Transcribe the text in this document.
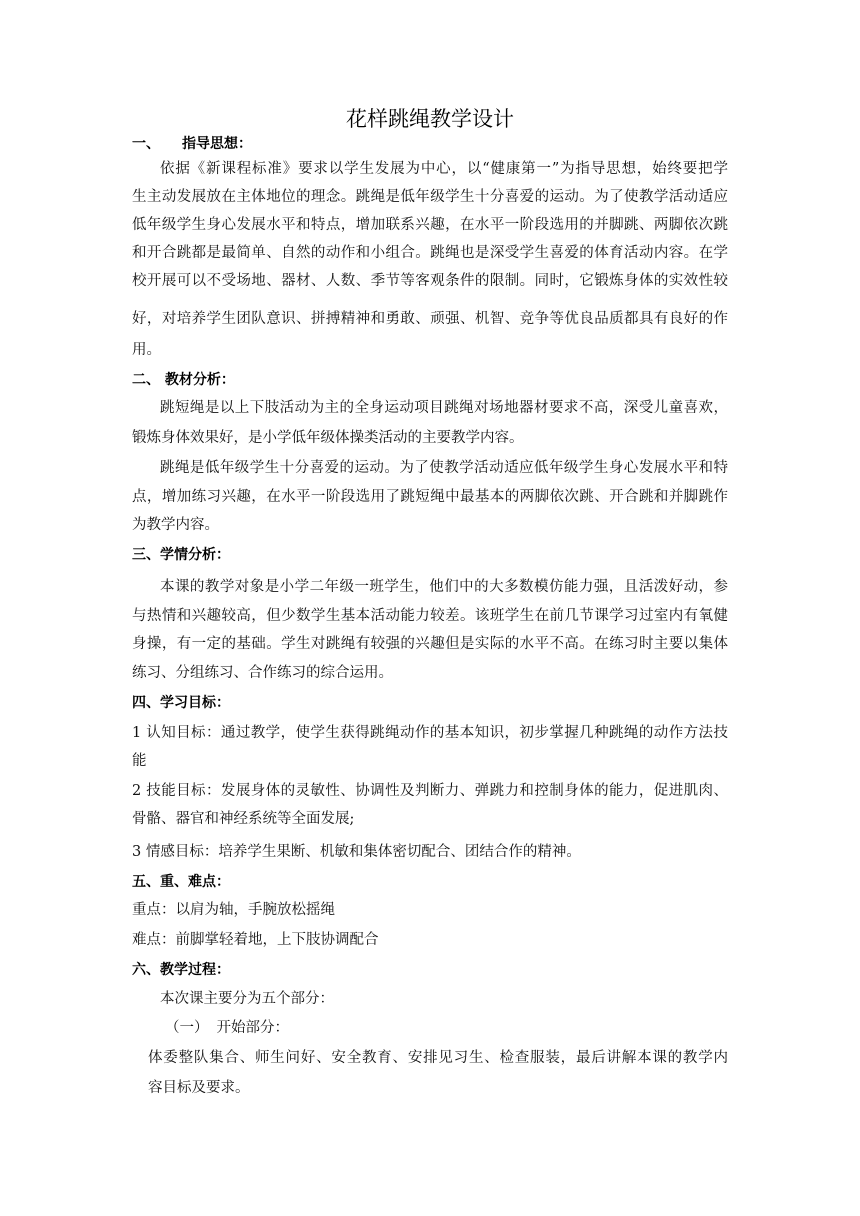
花样跳绳教学设计
一、 指导思想：
依据《新课程标准》要求以学生发展为中心，以“健康第一”为指导思想，始终要把学
生主动发展放在主体地位的理念。跳绳是低年级学生十分喜爱的运动。为了使教学活动适应
低年级学生身心发展水平和特点，增加联系兴趣，在水平一阶段选用的并脚跳、两脚依次跳
和开合跳都是最简单、自然的动作和小组合。跳绳也是深受学生喜爱的体育活动内容。在学
校开展可以不受场地、器材、人数、季节等客观条件的限制。同时，它锻炼身体的实效性较
好，对培养学生团队意识、拼搏精神和勇敢、顽强、机智、竞争等优良品质都具有良好的作
用。
二、 教材分析：
跳短绳是以上下肢活动为主的全身运动项目跳绳对场地器材要求不高，深受儿童喜欢，
锻炼身体效果好，是小学低年级体操类活动的主要教学内容。
跳绳是低年级学生十分喜爱的运动。为了使教学活动适应低年级学生身心发展水平和特
点，增加练习兴趣，在水平一阶段选用了跳短绳中最基本的两脚依次跳、开合跳和并脚跳作
为教学内容。
三、学情分析：
本课的教学对象是小学二年级一班学生，他们中的大多数模仿能力强，且活泼好动，参
与热情和兴趣较高，但少数学生基本活动能力较差。该班学生在前几节课学习过室内有氧健
身操，有一定的基础。学生对跳绳有较强的兴趣但是实际的水平不高。在练习时主要以集体
练习、分组练习、合作练习的综合运用。
四、学习目标：
1 认知目标：通过教学，使学生获得跳绳动作的基本知识，初步掌握几种跳绳的动作方法技
能
2 技能目标：发展身体的灵敏性、协调性及判断力、弹跳力和控制身体的能力，促进肌肉、
骨骼、器官和神经系统等全面发展;
3 情感目标：培养学生果断、机敏和集体密切配合、团结合作的精神。
五、重、难点：
重点：以肩为轴，手腕放松摇绳
难点：前脚掌轻着地，上下肢协调配合
六、教学过程：
本次课主要分为五个部分：
（一） 开始部分：
体委整队集合、师生问好、安全教育、安排见习生、检查服装，最后讲解本课的教学内
容目标及要求。
